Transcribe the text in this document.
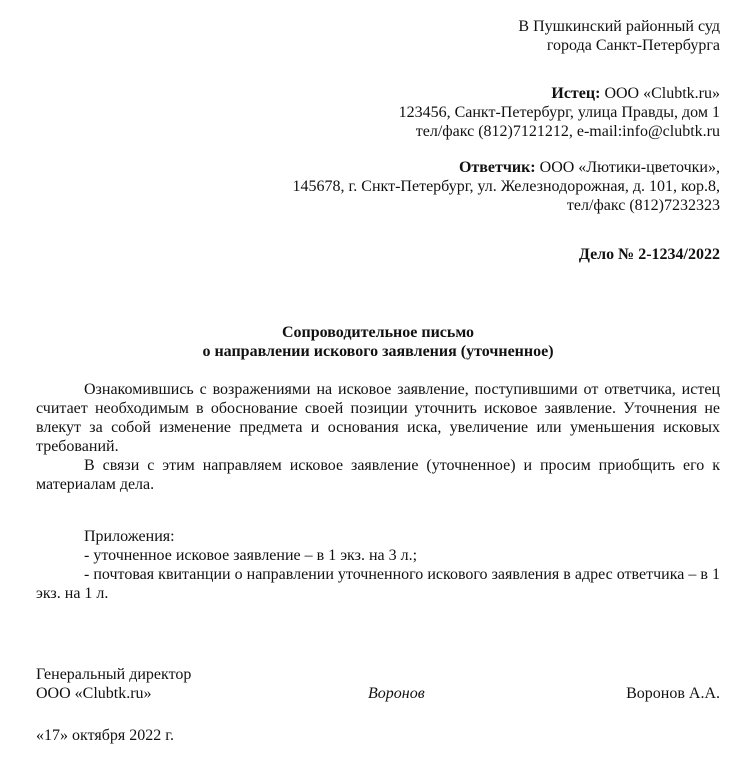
В Пушкинский районный суд
города Санкт-Петербурга
Истец: ООО «Clubtk.ru»
123456, Санкт-Петербург, улица Правды, дом 1
тел/факс (812)7121212, e-mail:info@clubtk.ru
Ответчик: ООО «Лютики-цветочки»,
145678, г. Снкт-Петербург, ул. Железнодорожная, д. 101, кор.8,
тел/факс (812)7232323
Дело № 2-1234/2022
Сопроводительное письмо
о направлении искового заявления (уточненное)

Ознакомившись с возражениями на исковое заявление, поступившими от ответчика, истец считает необходимым в обоснование своей позиции уточнить исковое заявление. Уточнения не влекут за собой изменение предмета и основания иска, увеличение или уменьшения исковых требований.

В связи с этим направляем исковое заявление (уточненное) и просим приобщить его к материалам дела.

Приложения:

- уточненное исковое заявление – в 1 экз. на 3 л.;

- почтовая квитанции о направлении уточненного искового заявления в адрес ответчика – в 1 экз. на 1 л.

Генеральный директор
ООО «Clubtk.ru»	Воронов	Воронов А.А.
«17» октября 2022 г.
